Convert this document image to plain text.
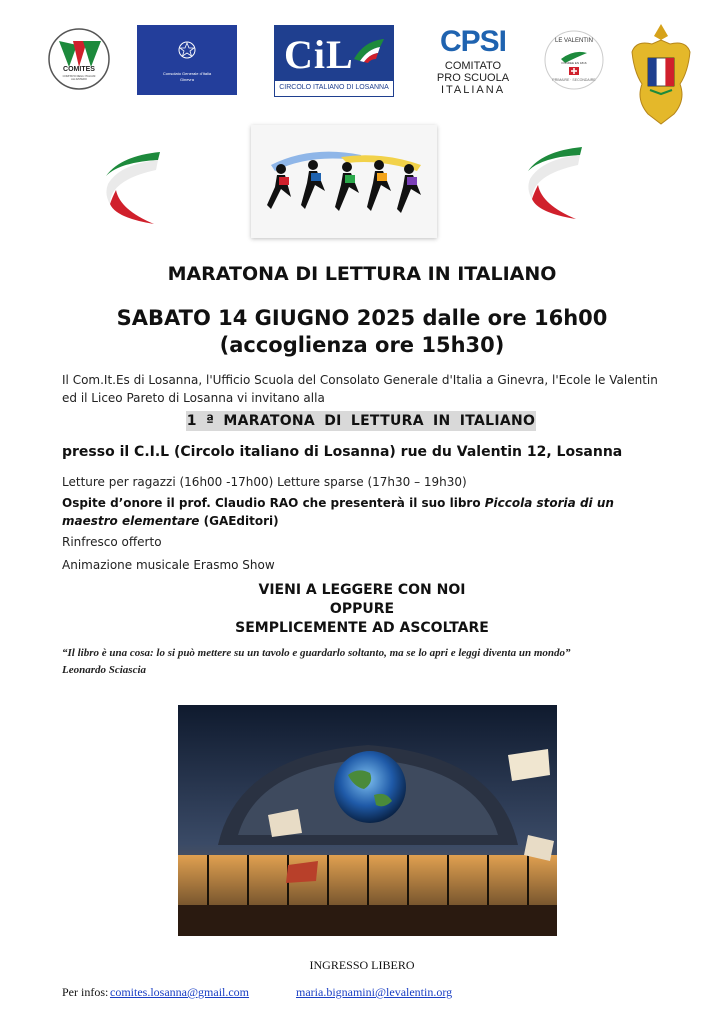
COMITES
COMITATO DEGLI ITALIANI ALL'ESTERO
Consolato Generale d'Italia
Ginevra
CiL
CIRCOLO ITALIANO DI LOSANNA
CPSI
COMITATO
PRO SCUOLA
ITALIANA
LE VALENTIN
FONDEE EN 1816
PRIMAIRE · SECONDAIRE
MARATONA DI LETTURA IN ITALIANO
SABATO 14 GIUGNO 2025 dalle ore 16h00
(accoglienza ore 15h30)
Il Com.It.Es di Losanna, l'Ufficio Scuola del Consolato Generale d'Italia a Ginevra, l'Ecole le Valentin ed il Liceo Pareto di Losanna vi invitano alla
1 ª MARATONA DI LETTURA IN ITALIANO
presso il C.I.L (Circolo italiano di Losanna) rue du Valentin 12, Losanna
Letture per ragazzi (16h00 -17h00) Letture sparse (17h30 – 19h30)
Ospite d’onore il prof. Claudio RAO che presenterà il suo libro Piccola storia di un maestro elementare (GAEditori)
Rinfresco offerto
Animazione musicale Erasmo Show
VIENI A LEGGERE CON NOI
OPPURE
SEMPLICEMENTE AD ASCOLTARE
“Il libro è una cosa: lo si può mettere su un tavolo e guardarlo soltanto, ma se lo apri e leggi diventa un mondo”
Leonardo Sciascia
INGRESSO LIBERO
Per infos: comites.losanna@gmail.com	maria.bignamini@levalentin.org
